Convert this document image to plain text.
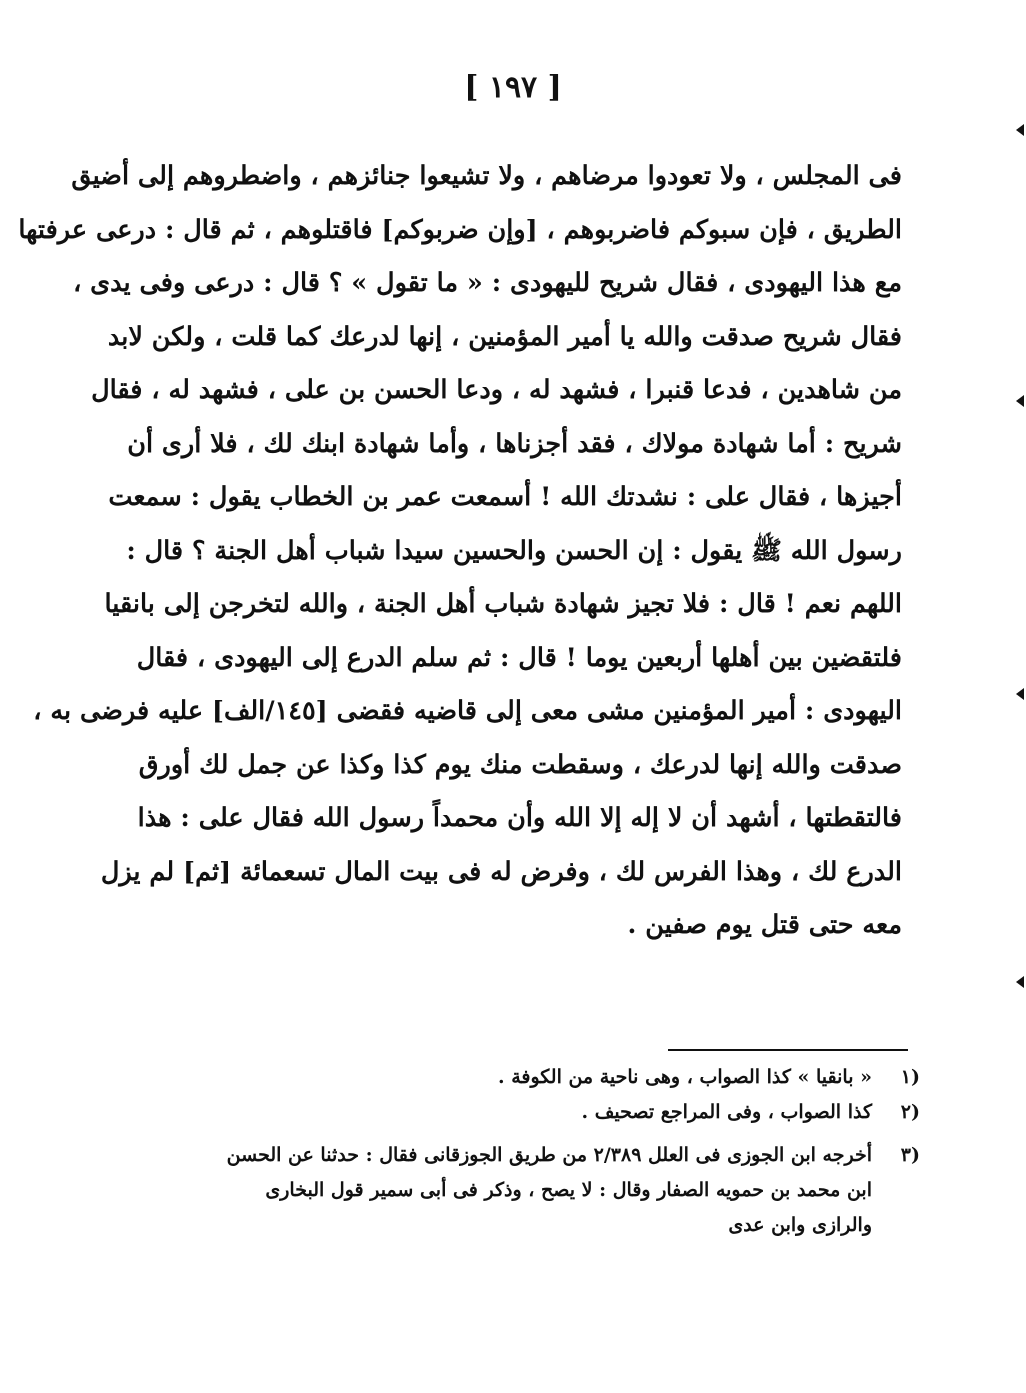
[ ١٩٧ ]
فى المجلس ، ولا تعودوا مرضاهم ، ولا تشيعوا جنائزهم ، واضطروهم إلى أضيق
الطريق ، فإن سبوكم فاضربوهم ، [وإن ضربوكم] فاقتلوهم ، ثم قال : درعى عرفتها
مع هذا اليهودى ، فقال شريح لليهودى : « ما تقول » ؟ قال : درعى وفى يدى ،
فقال شريح صدقت والله يا أمير المؤمنين ، إنها لدرعك كما قلت ، ولكن لابد
من شاهدين ، فدعا قنبرا ، فشهد له ، ودعا الحسن بن على ، فشهد له ، فقال
شريح : أما شهادة مولاك ، فقد أجزناها ، وأما شهادة ابنك لك ، فلا أرى أن
أجيزها ، فقال على : نشدتك الله ! أسمعت عمر بن الخطاب يقول : سمعت
رسول الله ﷺ يقول : إن الحسن والحسين سيدا شباب أهل الجنة ؟ قال :
اللهم نعم ! قال : فلا تجيز شهادة شباب أهل الجنة ، والله لتخرجن إلى بانقيا
فلتقضين بين أهلها أربعين يوما ! قال : ثم سلم الدرع إلى اليهودى ، فقال
اليهودى : أمير المؤمنين مشى معى إلى قاضيه فقضى [١٤٥/الف] عليه فرضى به ،
صدقت والله إنها لدرعك ، وسقطت منك يوم كذا وكذا عن جمل لك أورق
فالتقطتها ، أشهد أن لا إله إلا الله وأن محمداً رسول الله فقال على : هذا
الدرع لك ، وهذا الفرس لك ، وفرض له فى بيت المال تسعمائة [ثم] لم يزل
معه حتى قتل يوم صفين .
(١
« بانقيا » كذا الصواب ، وهى ناحية من الكوفة .
(٢
كذا الصواب ، وفى المراجع تصحيف .
(٣
أخرجه ابن الجوزى فى العلل ٢/٣٨٩ من طريق الجوزقانى فقال : حدثنا عن الحسن
ابن محمد بن حمويه الصفار وقال : لا يصح ، وذكر فى أبى سمير قول البخارى
والرازى وابن عدى
